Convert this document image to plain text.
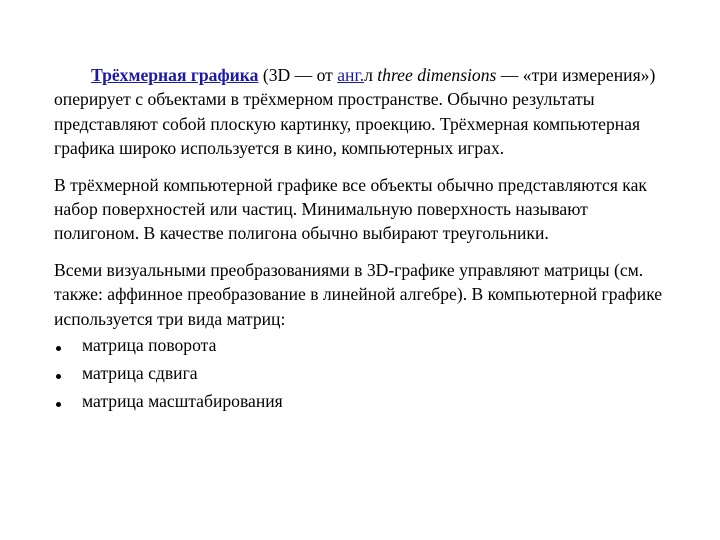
Трёхмерная графика (3D — от анг.л three dimensions — «три измерения») оперирует с объектами в трёхмерном пространстве. Обычно результаты представляют собой плоскую картинку, проекцию. Трёхмерная компьютерная графика широко используется в кино, компьютерных играх.

В трёхмерной компьютерной графике все объекты обычно представляются как набор поверхностей или частиц. Минимальную поверхность называют полигоном. В качестве полигона обычно выбирают треугольники.

Всеми визуальными преобразованиями в 3D-графике управляют матрицы (см. также: аффинное преобразование в линейной алгебре). В компьютерной графике используется три вида матриц:

матрица поворота
матрица сдвига
матрица масштабирования
